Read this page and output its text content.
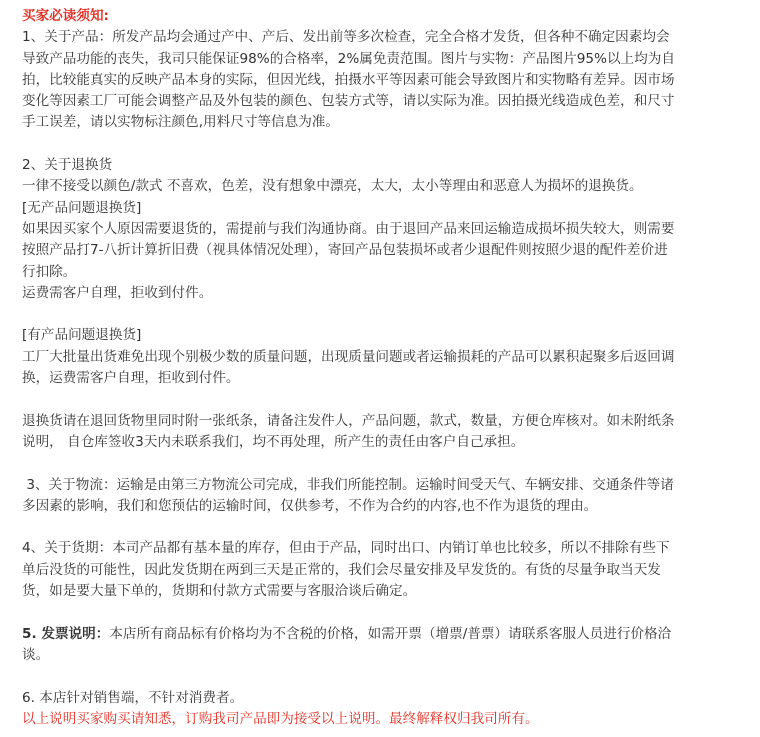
买家必读须知:
1、关于产品：所发产品均会通过产中、产后、发出前等多次检查，完全合格才发货，但各种不确定因素均会
导致产品功能的丧失，我司只能保证98%的合格率，2%属免责范围。图片与实物：产品图片95%以上均为自
拍，比较能真实的反映产品本身的实际，但因光线，拍摄水平等因素可能会导致图片和实物略有差异。因市场
变化等因素工厂可能会调整产品及外包装的颜色、包装方式等，请以实际为准。因拍摄光线造成色差，和尺寸
手工误差，请以实物标注颜色,用料尺寸等信息为准。
2、关于退换货
一律不接受以颜色/款式 不喜欢，色差，没有想象中漂亮，太大，太小等理由和恶意人为损坏的退换货。
[无产品问题退换货]
如果因买家个人原因需要退货的，需提前与我们沟通协商。由于退回产品来回运输造成损坏损失较大，则需要
按照产品打7-八折计算折旧费（视具体情况处理），寄回产品包装损坏或者少退配件则按照少退的配件差价进
行扣除。
运费需客户自理，拒收到付件。
[有产品问题退换货]
工厂大批量出货难免出现个别极少数的质量问题，出现质量问题或者运输损耗的产品可以累积起聚多后返回调
换，运费需客户自理，拒收到付件。
退换货请在退回货物里同时附一张纸条，请备注发件人，产品问题，款式，数量，方便仓库核对。如未附纸条
说明， 自仓库签收3天内未联系我们，均不再处理，所产生的责任由客户自己承担。
3、关于物流：运输是由第三方物流公司完成，非我们所能控制。运输时间受天气、车辆安排、交通条件等诸
多因素的影响，我们和您预估的运输时间，仅供参考，不作为合约的内容,也不作为退货的理由。
4、关于货期：本司产品都有基本量的库存，但由于产品，同时出口、内销订单也比较多，所以不排除有些下
单后没货的可能性，因此发货期在两到三天是正常的，我们会尽量安排及早发货的。有货的尽量争取当天发
货，如是要大量下单的，货期和付款方式需要与客服洽谈后确定。
5. 发票说明：本店所有商品标有价格均为不含税的价格，如需开票（增票/普票）请联系客服人员进行价格洽
谈。
6. 本店针对销售端，不针对消费者。
以上说明买家购买请知悉，订购我司产品即为接受以上说明。最终解释权归我司所有。
